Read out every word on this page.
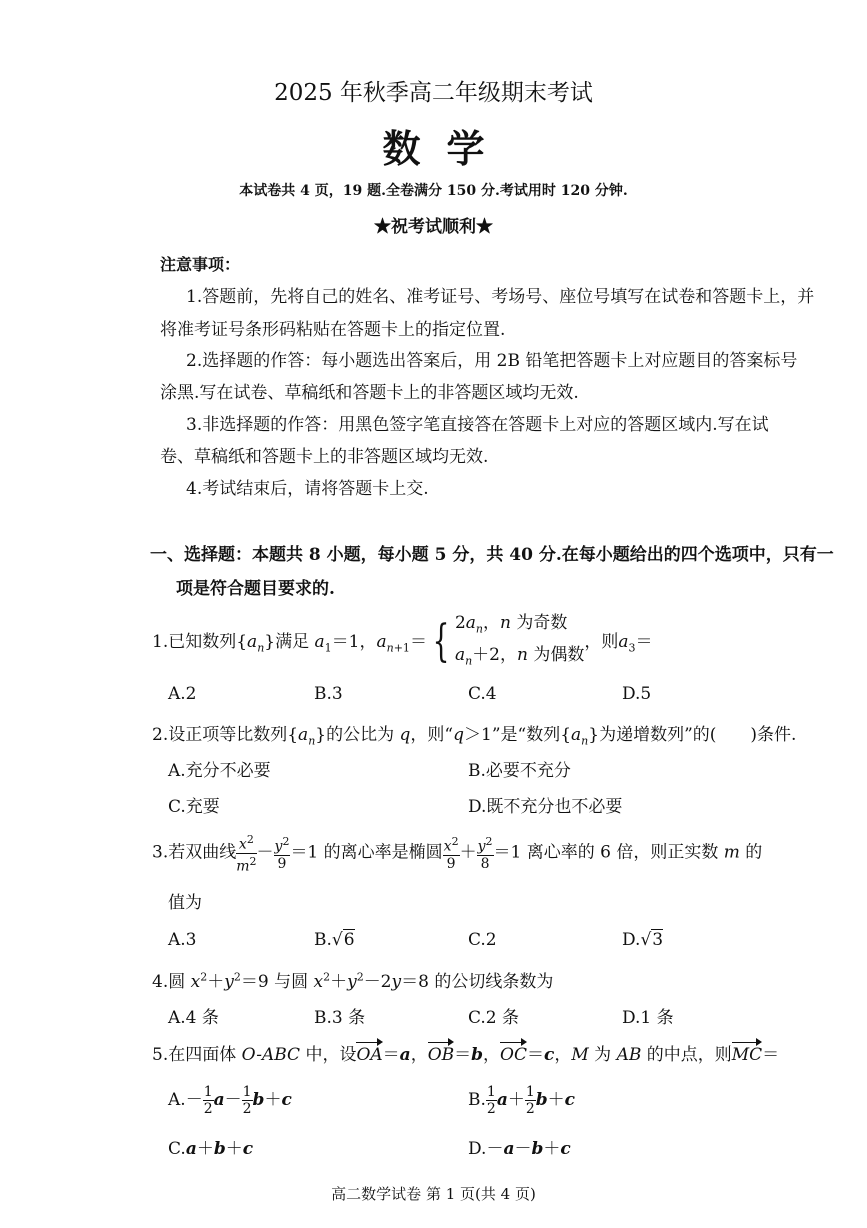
2025 年秋季高二年级期末考试
数学
本试卷共 4 页，19 题.全卷满分 150 分.考试用时 120 分钟.
★祝考试顺利★
注意事项：
1.答题前，先将自己的姓名、准考证号、考场号、座位号填写在试卷和答题卡上，并
将准考证号条形码粘贴在答题卡上的指定位置.
2.选择题的作答：每小题选出答案后，用 2B 铅笔把答题卡上对应题目的答案标号
涂黑.写在试卷、草稿纸和答题卡上的非答题区域均无效.
3.非选择题的作答：用黑色签字笔直接答在答题卡上对应的答题区域内.写在试
卷、草稿纸和答题卡上的非答题区域均无效.
4.考试结束后，请将答题卡上交.
一、选择题：本题共 8 小题，每小题 5 分，共 40 分.在每小题给出的四个选项中，只有一
项是符合题目要求的.
1.已知数列$\{a_n\}$满足 $a_1=1$，$a_{n+1}=$ { $2a_n$，n 为奇数
$a_n+2$，n 为偶数，则$a_3=$
A.2	B.3	C.4	D.5
2.设正项等比数列$\{a_n\}$的公比为 q，则“q＞1”是“数列$\{a_n\}$为递增数列”的(　　)条件.
A.充分不必要	B.必要不充分
C.充要	D.既不充分也不必要
3.若双曲线 $\frac{x^2}{m^2} - \frac{y^2}{9} =1$ 的离心率是椭圆 $\frac{x^2}{9} + \frac{y^2}{8} =1$ 离心率的 6 倍，则正实数 m 的
值为
A.3	B.√6	C.2	D.√3
4.圆 $x^2+y^2=9$ 与圆 $x^2+y^2-2y=8$ 的公切线条数为
A.4 条	B.3 条	C.2 条	D.1 条
5.在四面体 O-ABC 中，设OA＝a，OB＝b，OC＝c，M 为 AB 的中点，则MC＝
$A.- \frac{1}{2} a- \frac{1}{2} b+c$	B. $\frac{1}{2} a+ \frac{1}{2} b+c$
C.a＋b＋c	D.－a－b＋c
高二数学试卷 第 1 页(共 4 页)
